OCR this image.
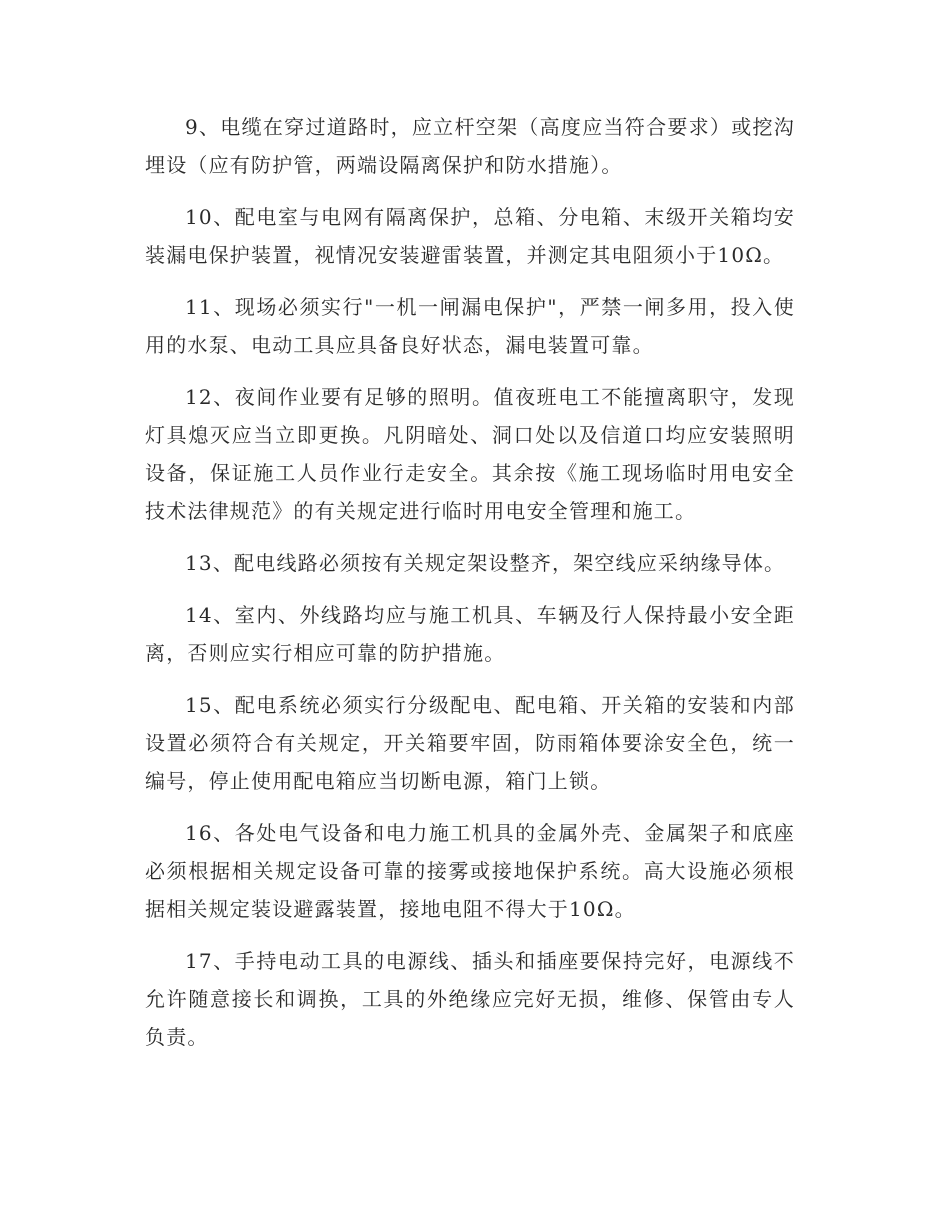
9、电缆在穿过道路时，应立杆空架（高度应当符合要求）或挖沟埋设（应有防护管，两端设隔离保护和防水措施）。

10、配电室与电网有隔离保护，总箱、分电箱、末级开关箱均安装漏电保护装置，视情况安装避雷装置，并测定其电阻须小于10Ω。

11、现场必须实行"一机一闸漏电保护"，严禁一闸多用，投入使用的水泵、电动工具应具备良好状态，漏电装置可靠。

12、夜间作业要有足够的照明。值夜班电工不能擅离职守，发现灯具熄灭应当立即更换。凡阴暗处、洞口处以及信道口均应安装照明设备，保证施工人员作业行走安全。其余按《施工现场临时用电安全技术法律规范》的有关规定进行临时用电安全管理和施工。

13、配电线路必须按有关规定架设整齐，架空线应采纳缘导体。

14、室内、外线路均应与施工机具、车辆及行人保持最小安全距离，否则应实行相应可靠的防护措施。

15、配电系统必须实行分级配电、配电箱、开关箱的安装和内部设置必须符合有关规定，开关箱要牢固，防雨箱体要涂安全色，统一编号，停止使用配电箱应当切断电源，箱门上锁。

16、各处电气设备和电力施工机具的金属外壳、金属架子和底座必须根据相关规定设备可靠的接雾或接地保护系统。高大设施必须根据相关规定装设避露装置，接地电阻不得大于10Ω。

17、手持电动工具的电源线、插头和插座要保持完好，电源线不允许随意接长和调换，工具的外绝缘应完好无损，维修、保管由专人负责。
